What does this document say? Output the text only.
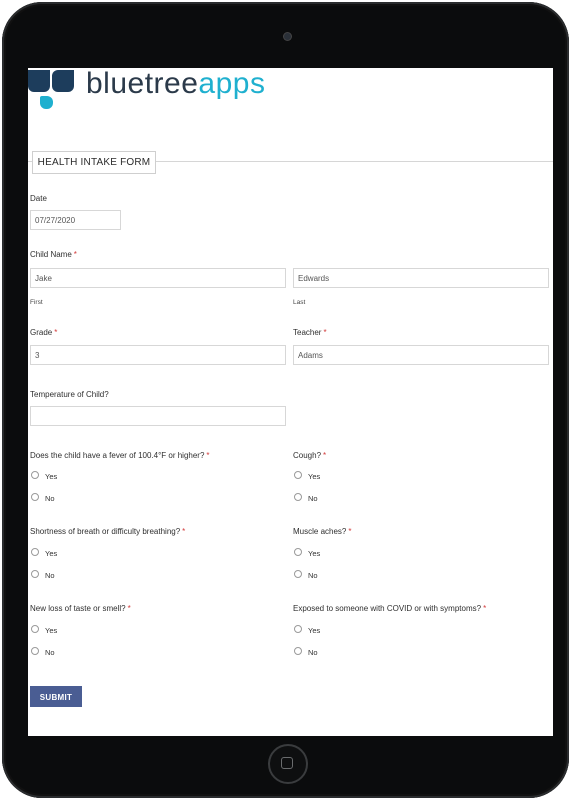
bluetreeapps
HEALTH INTAKE FORM
Date
07/27/2020
Child Name *
Jake	Edwards
First	Last
Grade *
3
Teacher *
Adams
Temperature of Child?
Does the child have a fever of 100.4°F or higher? *
Yes
No
Cough? *
Yes
No
Shortness of breath or difficulty breathing? *
Yes
No
Muscle aches? *
Yes
No
New loss of taste or smell? *
Yes
No
Exposed to someone with COVID or with symptoms? *
Yes
No
SUBMIT
